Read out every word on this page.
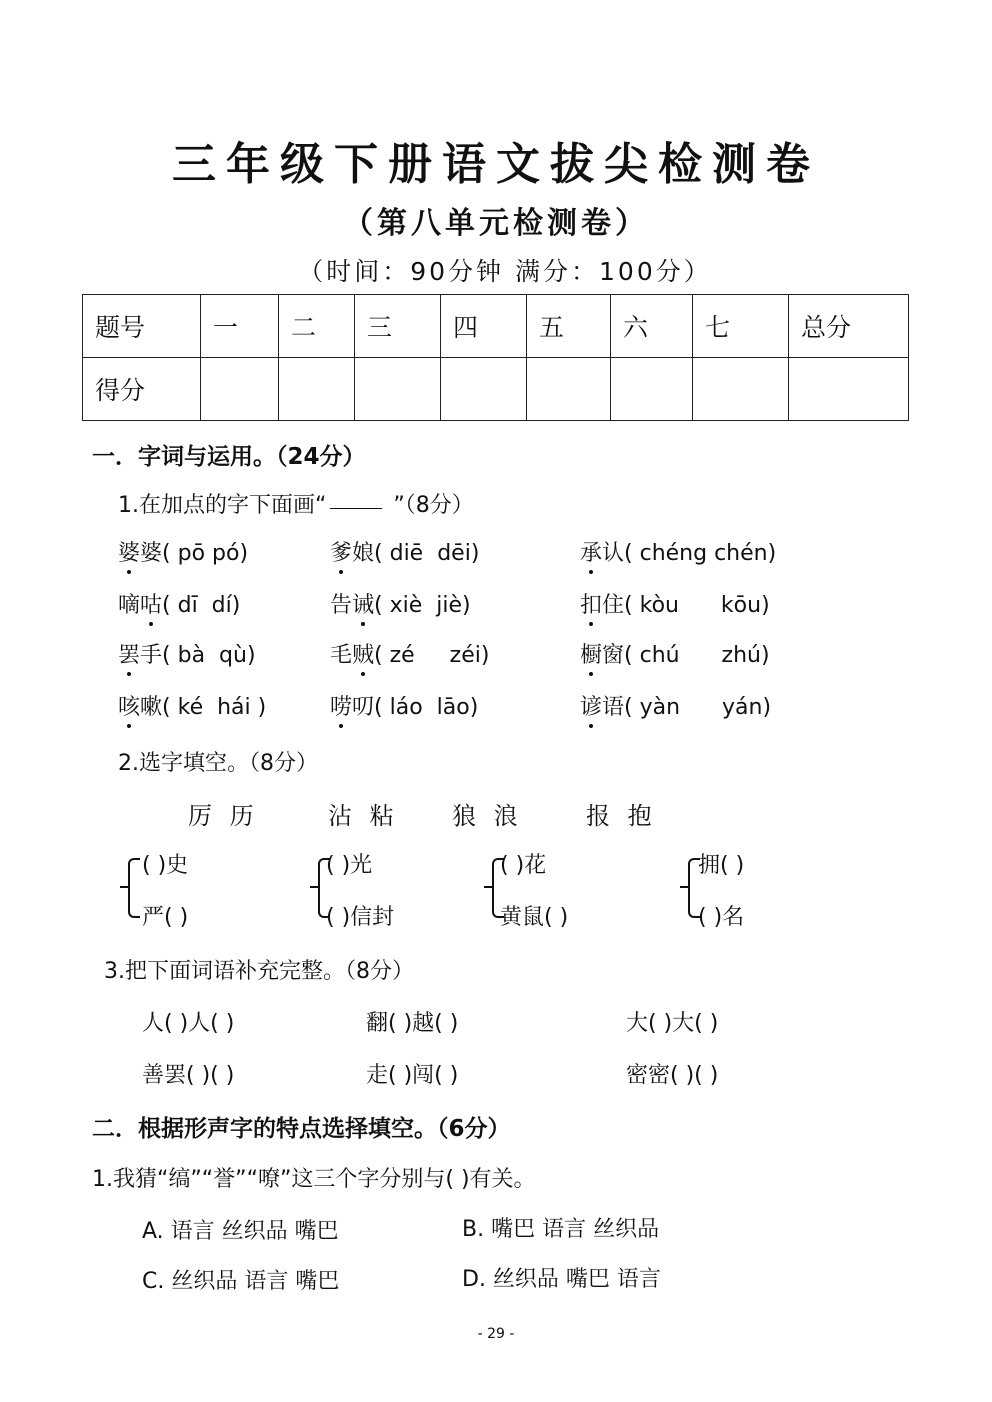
三年级下册语文拔尖检测卷
（第八单元检测卷）
（时间：90分钟 满分：100分）
题号	一	二	三	四	五	六	七	总分
得分								
一．字词与运用。（24分）
1.在加点的字下面画“	”（8分）
婆婆( pō pó)	爹娘( diē  dēi)	承认( chéng chén)
嘀咕( dī  dí)	告诫( xiè  jiè)	扣住( kòu      kōu)
罢手( bà  qù)	毛贼( zé     zéi)	橱窗( chú      zhú)
咳嗽( ké  hái )	唠叨( láo  lāo)	谚语( yàn      yán)
2.选字填空。（8分）
厉 历	沾 粘 狼 浪	报 抱
( )史
严( )
( )光
( )信封
( )花
黄鼠( )
拥( )
( )名
3.把下面词语补充完整。（8分）
人( )人( )	翻( )越( )	大( )大( )
善罢( )( )	走( )闯( )	密密( )( )
二．根据形声字的特点选择填空。（6分）
1.我猜“缟”“誉”“嘹”这三个字分别与( )有关。
A. 语言 丝织品 嘴巴	B. 嘴巴 语言 丝织品
C. 丝织品 语言 嘴巴	D. 丝织品 嘴巴 语言
- 29 -
